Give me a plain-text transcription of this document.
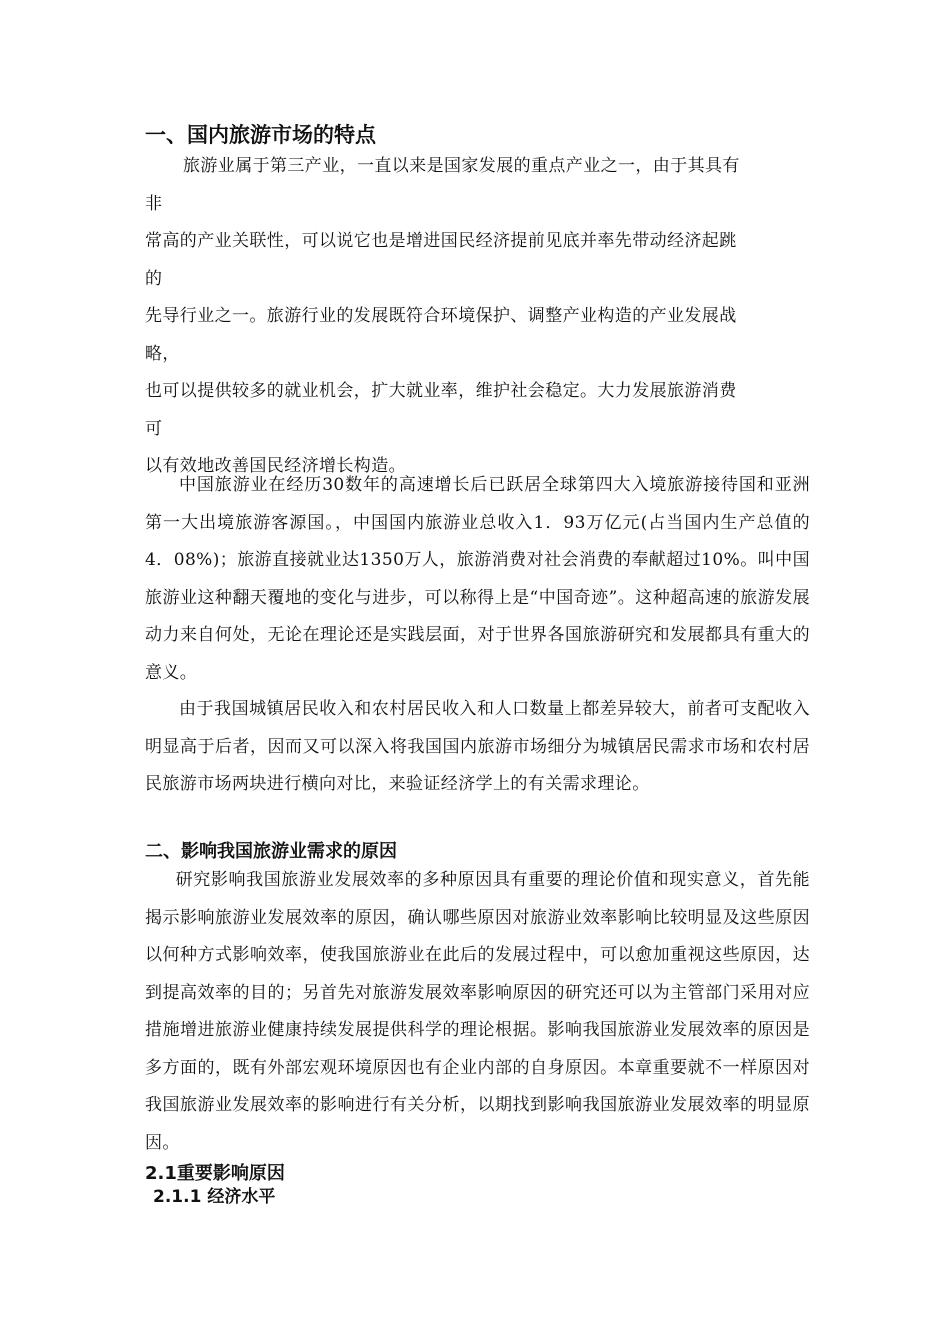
一、国内旅游市场的特点
旅游业属于第三产业，一直以来是国家发展的重点产业之一，由于其具有
非
常高的产业关联性，可以说它也是增进国民经济提前见底并率先带动经济起跳
的
先导行业之一。旅游行业的发展既符合环境保护、调整产业构造的产业发展战
略，
也可以提供较多的就业机会，扩大就业率，维护社会稳定。大力发展旅游消费
可
以有效地改善国民经济增长构造。

中国旅游业在经历30数年的高速增长后已跃居全球第四大入境旅游接待国和亚洲第一大出境旅游客源国。，中国国内旅游业总收入1．93万亿元(占当国内生产总值的4．08%)；旅游直接就业达1350万人，旅游消费对社会消费的奉献超过10%。叫中国旅游业这种翻天覆地的变化与进步，可以称得上是“中国奇迹”。这种超高速的旅游发展动力来自何处，无论在理论还是实践层面，对于世界各国旅游研究和发展都具有重大的意义。

由于我国城镇居民收入和农村居民收入和人口数量上都差异较大，前者可支配收入明显高于后者，因而又可以深入将我国国内旅游市场细分为城镇居民需求市场和农村居民旅游市场两块进行横向对比，来验证经济学上的有关需求理论。

二、影响我国旅游业需求的原因

研究影响我国旅游业发展效率的多种原因具有重要的理论价值和现实意义，首先能揭示影响旅游业发展效率的原因，确认哪些原因对旅游业效率影响比较明显及这些原因以何种方式影响效率，使我国旅游业在此后的发展过程中，可以愈加重视这些原因，达到提高效率的目的；另首先对旅游发展效率影响原因的研究还可以为主管部门采用对应措施增进旅游业健康持续发展提供科学的理论根据。影响我国旅游业发展效率的原因是多方面的，既有外部宏观环境原因也有企业内部的自身原因。本章重要就不一样原因对我国旅游业发展效率的影响进行有关分析，以期找到影响我国旅游业发展效率的明显原因。

2.1重要影响原因
2.1.1 经济水平
